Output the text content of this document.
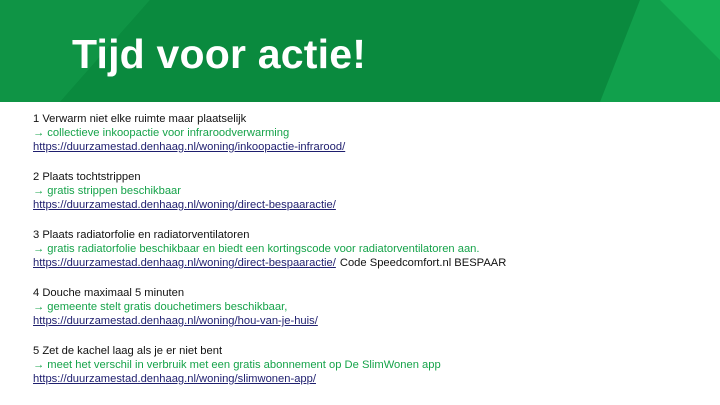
Tijd voor actie!
1 Verwarm niet elke ruimte maar plaatselijk
→ collectieve inkoopactie voor infraroodverwarming
https://duurzamestad.denhaag.nl/woning/inkoopactie-infrarood/
2 Plaats tochtstrippen
→ gratis strippen beschikbaar
https://duurzamestad.denhaag.nl/woning/direct-bespaaractie/
3 Plaats radiatorfolie en radiatorventilatoren
→ gratis radiatorfolie beschikbaar en biedt een kortingscode voor radiatorventilatoren aan.
https://duurzamestad.denhaag.nl/woning/direct-bespaaractie/ Code Speedcomfort.nl BESPAAR
4 Douche maximaal 5 minuten
→ gemeente stelt gratis douchetimers beschikbaar,
https://duurzamestad.denhaag.nl/woning/hou-van-je-huis/
5 Zet de kachel laag als je er niet bent
→ meet het verschil in verbruik met een gratis abonnement op De SlimWonen app
https://duurzamestad.denhaag.nl/woning/slimwonen-app/
